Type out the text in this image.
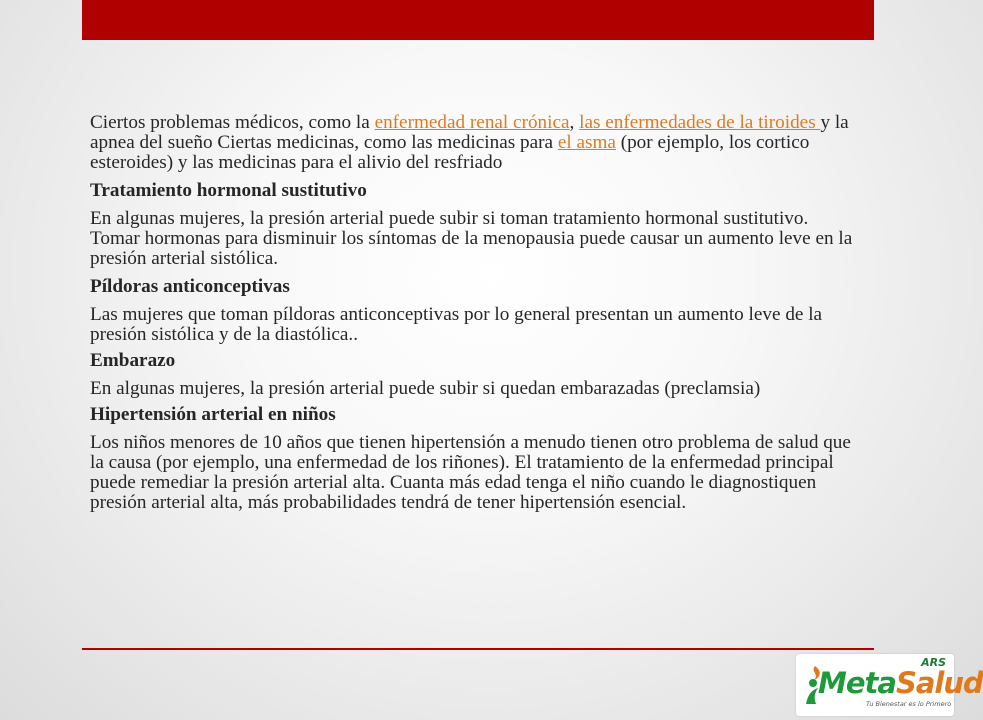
Ciertos problemas médicos, como la enfermedad renal crónica, las enfermedades de la tiroides y la apnea del sueño Ciertas medicinas, como las medicinas para el asma (por ejemplo, los cortico esteroides) y las medicinas para el alivio del resfriado

Tratamiento hormonal sustitutivo

En algunas mujeres, la presión arterial puede subir si toman tratamiento hormonal sustitutivo. Tomar hormonas para disminuir los síntomas de la menopausia puede causar un aumento leve en la presión arterial sistólica.

Píldoras anticonceptivas

Las mujeres que toman píldoras anticonceptivas por lo general presentan un aumento leve de la presión sistólica y de la diastólica..

Embarazo

En algunas mujeres, la presión arterial puede subir si quedan embarazadas (preclamsia)

Hipertensión arterial en niños

Los niños menores de 10 años que tienen hipertensión a menudo tienen otro problema de salud que la causa (por ejemplo, una enfermedad de los riñones). El tratamiento de la enfermedad principal puede remediar la presión arterial alta. Cuanta más edad tenga el niño cuando le diagnostiquen presión arterial alta, más probabilidades tendrá de tener hipertensión esencial.

MetaSalud
ARS
Tu Bienestar es lo Primero
